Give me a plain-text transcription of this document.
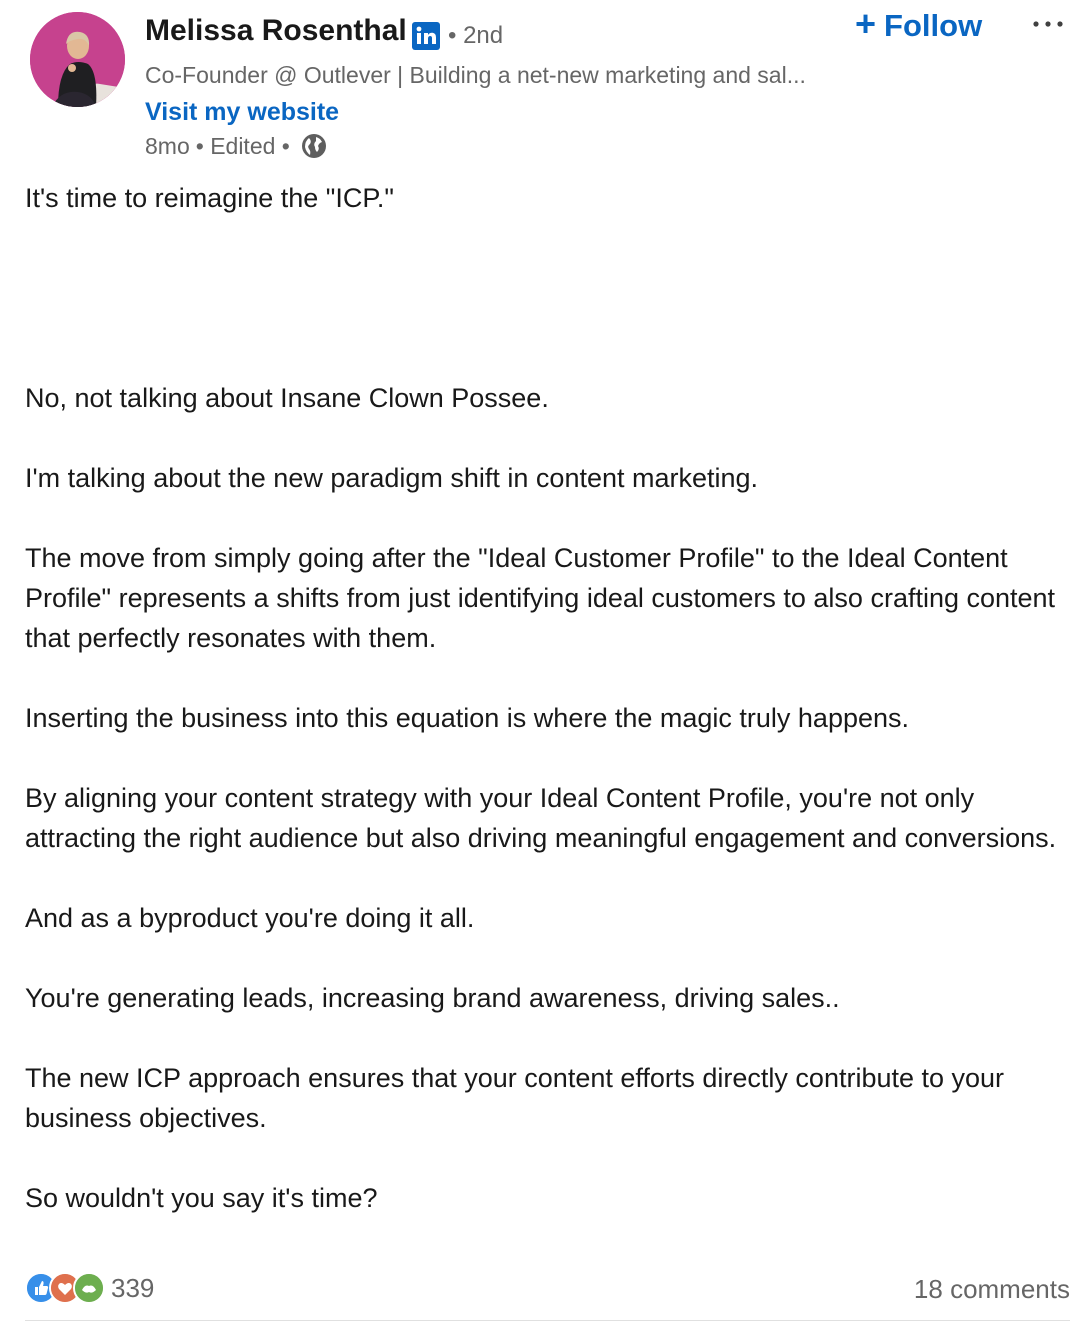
Melissa Rosenthal • 2nd	+ Follow
Co-Founder @ Outlever | Building a net-new marketing and sal...
Visit my website
8mo • Edited •

It's time to reimagine the "ICP."

No, not talking about Insane Clown Possee.

I'm talking about the new paradigm shift in content marketing.

The move from simply going after the "Ideal Customer Profile" to the Ideal Content Profile" represents a shifts from just identifying ideal customers to also crafting content that perfectly resonates with them.

Inserting the business into this equation is where the magic truly happens.

By aligning your content strategy with your Ideal Content Profile, you're not only attracting the right audience but also driving meaningful engagement and conversions.

And as a byproduct you're doing it all.

You're generating leads, increasing brand awareness, driving sales..

The new ICP approach ensures that your content efforts directly contribute to your business objectives.

So wouldn't you say it's time?

339	18 comments
